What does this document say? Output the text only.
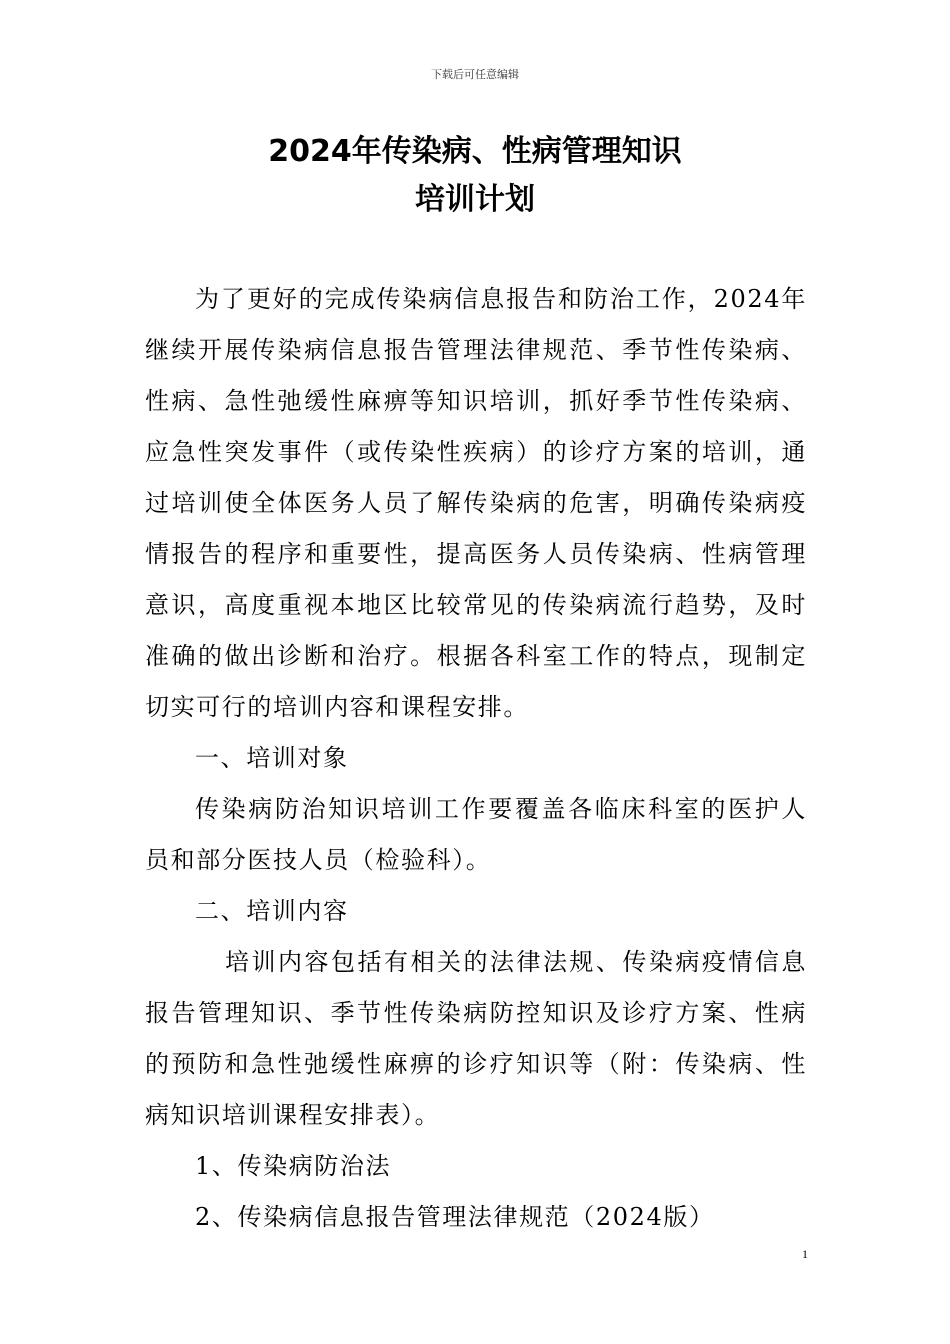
下载后可任意编辑
2024年传染病、性病管理知识
培训计划

为了更好的完成传染病信息报告和防治工作，2024年继续开展传染病信息报告管理法律规范、季节性传染病、性病、急性弛缓性麻痹等知识培训，抓好季节性传染病、应急性突发事件（或传染性疾病）的诊疗方案的培训，通过培训使全体医务人员了解传染病的危害，明确传染病疫情报告的程序和重要性，提高医务人员传染病、性病管理意识，高度重视本地区比较常见的传染病流行趋势，及时准确的做出诊断和治疗。根据各科室工作的特点，现制定切实可行的培训内容和课程安排。

一、培训对象

传染病防治知识培训工作要覆盖各临床科室的医护人员和部分医技人员（检验科）。

二、培训内容

培训内容包括有相关的法律法规、传染病疫情信息报告管理知识、季节性传染病防控知识及诊疗方案、性病的预防和急性弛缓性麻痹的诊疗知识等（附：传染病、性病知识培训课程安排表）。

1、传染病防治法

2、传染病信息报告管理法律规范（2024版）

1
